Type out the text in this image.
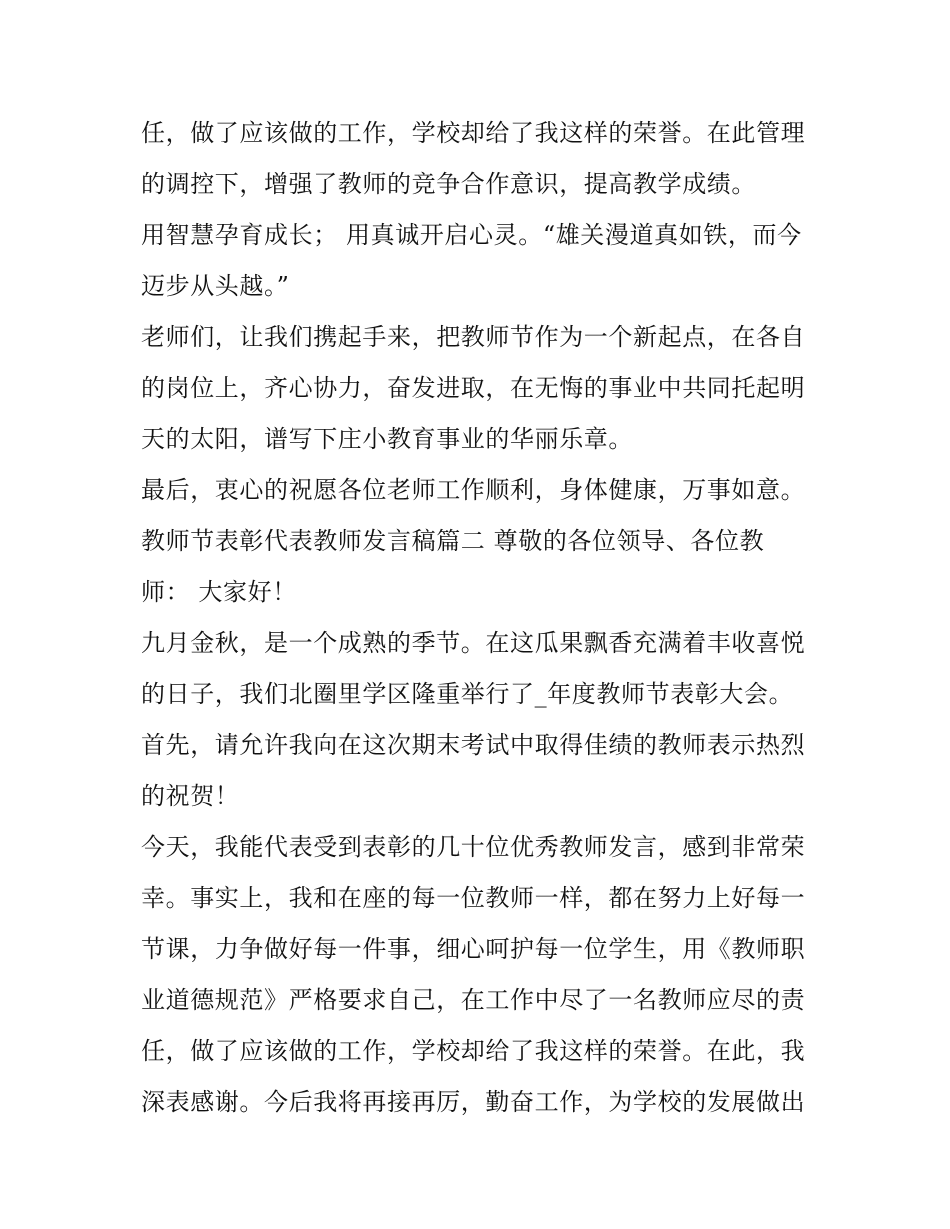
任，做了应该做的工作，学校却给了我这样的荣誉。在此管理
的调控下，增强了教师的竞争合作意识，提高教学成绩。
用智慧孕育成长； 用真诚开启心灵。“雄关漫道真如铁，而今
迈步从头越。”
老师们，让我们携起手来，把教师节作为一个新起点，在各自
的岗位上，齐心协力，奋发进取，在无悔的事业中共同托起明
天的太阳，谱写下庄小教育事业的华丽乐章。
最后，衷心的祝愿各位老师工作顺利，身体健康，万事如意。
教师节表彰代表教师发言稿篇二 尊敬的各位领导、各位教
师： 大家好！
九月金秋，是一个成熟的季节。在这瓜果飘香充满着丰收喜悦
的日子，我们北圈里学区隆重举行了_年度教师节表彰大会。
首先，请允许我向在这次期末考试中取得佳绩的教师表示热烈
的祝贺！
今天，我能代表受到表彰的几十位优秀教师发言，感到非常荣
幸。事实上，我和在座的每一位教师一样，都在努力上好每一
节课，力争做好每一件事，细心呵护每一位学生，用《教师职
业道德规范》严格要求自己，在工作中尽了一名教师应尽的责
任，做了应该做的工作，学校却给了我这样的荣誉。在此，我
深表感谢。今后我将再接再厉，勤奋工作，为学校的发展做出
